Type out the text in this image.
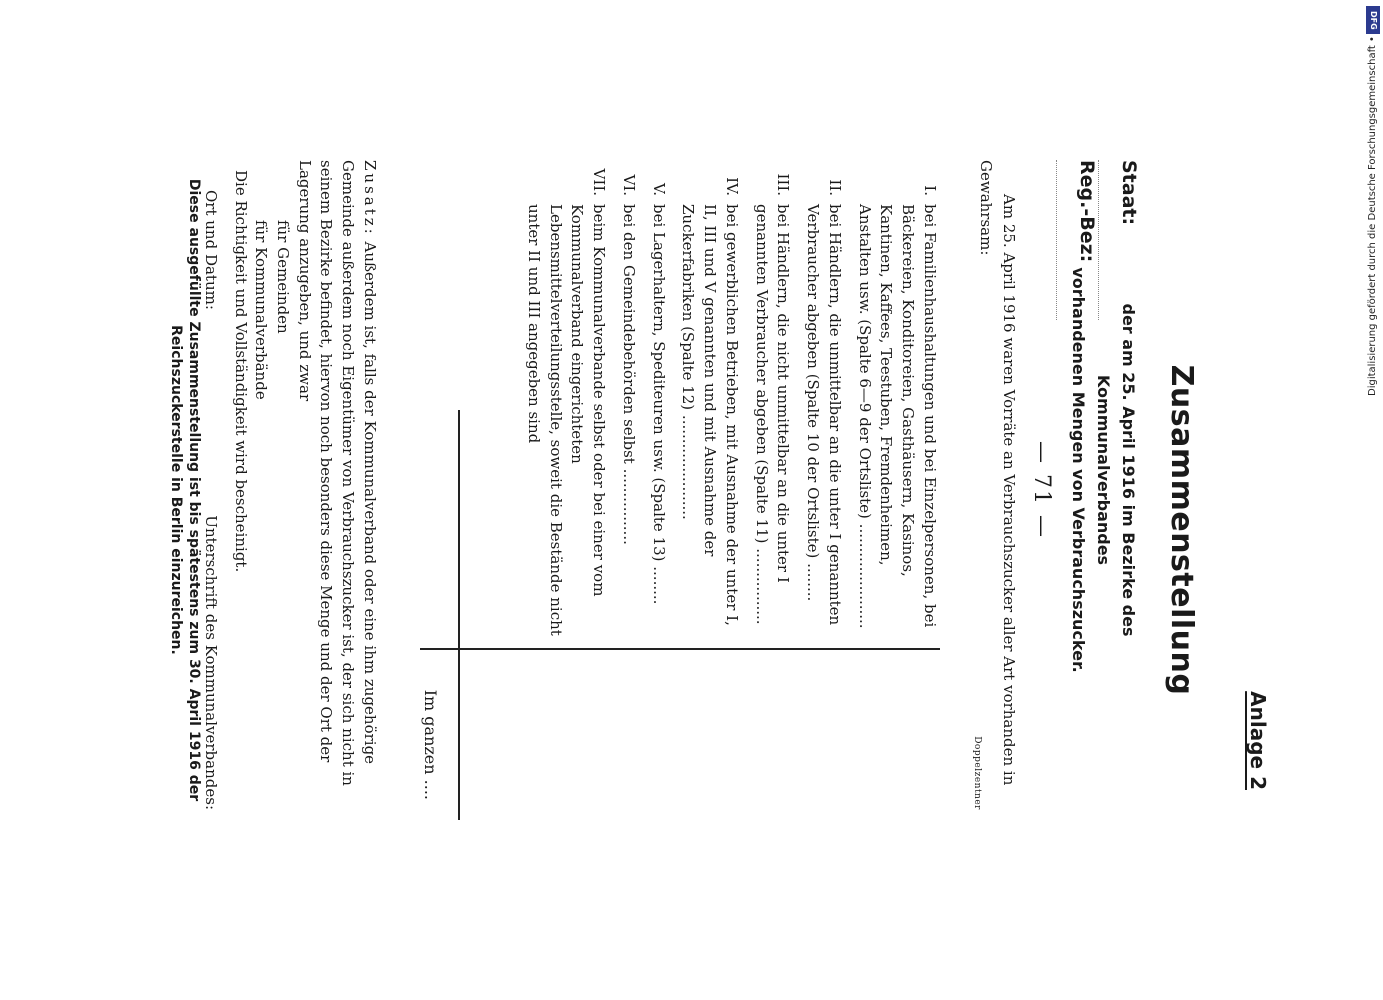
Anlage 2
Zusammenstellung
— 71 —
Staat:
Reg.-Bez:
der am 25. April 1916 im Bezirke des Kommunalverbandes
vorhandenen Mengen von Verbrauchszucker.
Am 25. April 1916 waren Vorräte an Verbrauchszucker aller Art vorhanden in Gewahrsam:
Doppelzentner
I.
bei Familienhaushaltungen und bei Einzelpersonen, bei Bäckereien, Konditoreien, Gasthäusern, Kasinos, Kantinen, Kaffees, Teestuben, Fremdenheimen, Anstalten usw. (Spalte 6—9 der Ortsliste) ......................
II.
bei Händlern, die unmittelbar an die unter I genannten Verbraucher abgeben (Spalte 10 der Ortsliste) ........
III.
bei Händlern, die nicht unmittelbar an die unter I genannten Verbraucher abgeben (Spalte 11) ................
IV.
bei gewerblichen Betrieben, mit Ausnahme der unter I, II, III und V genannten und mit Ausnahme der Zuckerfabriken (Spalte 12) ......................
V.
bei Lagerhaltern, Spediteuren usw. (Spalte 13) ........
VI.
bei den Gemeindebehörden selbst ................
VII.
beim Kommunalverbande selbst oder bei einer vom Kommunalverband eingerichteten Lebensmittelverteilungsstelle, soweit die Bestände nicht unter II und III angegeben sind
Im ganzen ....
Zusatz: Außerdem ist, falls der Kommunalverband oder eine ihm zugehörige Gemeinde außerdem noch Eigentümer von Verbrauchszucker ist, der sich nicht in seinem Bezirke befindet, hiervon noch besonders diese Menge und der Ort der Lagerung anzugeben, und zwar
für Gemeinden
für Kommunalverbände
Die Richtigkeit und Vollständigkeit wird bescheinigt.
Ort und Datum:
Unterschrift des Kommunalverbandes:
Diese ausgefüllte Zusammenstellung ist bis spätestens zum 30. April 1916 der Reichszuckerstelle in Berlin einzureichen.
DFG
Digitalisierung gefördert durch die Deutsche Forschungsgemeinschaft •
